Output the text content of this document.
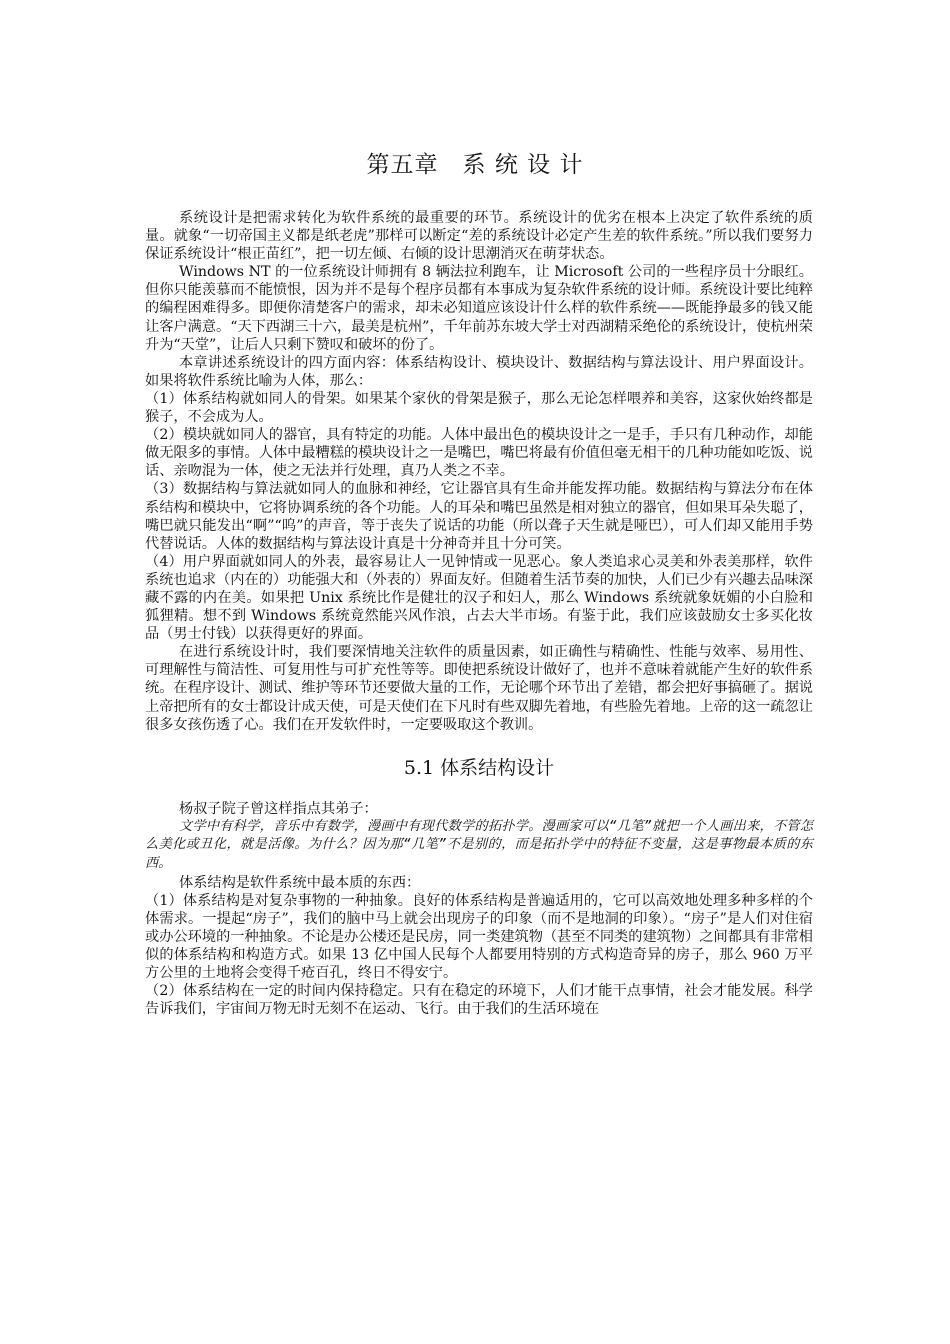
第五章　系 统 设 计

系统设计是把需求转化为软件系统的最重要的环节。系统设计的优劣在根本上决定了软件系统的质量。就象“一切帝国主义都是纸老虎”那样可以断定“差的系统设计必定产生差的软件系统。”所以我们要努力保证系统设计“根正苗红”，把一切左倾、右倾的设计思潮消灭在萌芽状态。

Windows NT 的一位系统设计师拥有 8 辆法拉利跑车，让 Microsoft 公司的一些程序员十分眼红。但你只能羡慕而不能愤恨，因为并不是每个程序员都有本事成为复杂软件系统的设计师。系统设计要比纯粹的编程困难得多。即便你清楚客户的需求，却未必知道应该设计什么样的软件系统——既能挣最多的钱又能让客户满意。“天下西湖三十六，最美是杭州”，千年前苏东坡大学士对西湖精采绝伦的系统设计，使杭州荣升为“天堂”，让后人只剩下赞叹和破坏的份了。

本章讲述系统设计的四方面内容：体系结构设计、模块设计、数据结构与算法设计、用户界面设计。如果将软件系统比喻为人体，那么：

（1）体系结构就如同人的骨架。如果某个家伙的骨架是猴子，那么无论怎样喂养和美容，这家伙始终都是猴子，不会成为人。

（2）模块就如同人的器官，具有特定的功能。人体中最出色的模块设计之一是手，手只有几种动作，却能做无限多的事情。人体中最糟糕的模块设计之一是嘴巴，嘴巴将最有价值但毫无相干的几种功能如吃饭、说话、亲吻混为一体，使之无法并行处理，真乃人类之不幸。

（3）数据结构与算法就如同人的血脉和神经，它让器官具有生命并能发挥功能。数据结构与算法分布在体系结构和模块中，它将协调系统的各个功能。人的耳朵和嘴巴虽然是相对独立的器官，但如果耳朵失聪了，嘴巴就只能发出“啊”“呜”的声音，等于丧失了说话的功能（所以聋子天生就是哑巴），可人们却又能用手势代替说话。人体的数据结构与算法设计真是十分神奇并且十分可笑。

（4）用户界面就如同人的外表，最容易让人一见钟情或一见恶心。象人类追求心灵美和外表美那样，软件系统也追求（内在的）功能强大和（外表的）界面友好。但随着生活节奏的加快，人们已少有兴趣去品味深藏不露的内在美。如果把 Unix 系统比作是健壮的汉子和妇人，那么 Windows 系统就象妩媚的小白脸和狐狸精。想不到 Windows 系统竟然能兴风作浪，占去大半市场。有鉴于此，我们应该鼓励女士多买化妆品（男士付钱）以获得更好的界面。

在进行系统设计时，我们要深情地关注软件的质量因素，如正确性与精确性、性能与效率、易用性、可理解性与简洁性、可复用性与可扩充性等等。即使把系统设计做好了，也并不意味着就能产生好的软件系统。在程序设计、测试、维护等环节还要做大量的工作，无论哪个环节出了差错，都会把好事搞砸了。据说上帝把所有的女士都设计成天使，可是天使们在下凡时有些双脚先着地，有些脸先着地。上帝的这一疏忽让很多女孩伤透了心。我们在开发软件时，一定要吸取这个教训。

5.1 体系结构设计

杨叔子院子曾这样指点其弟子：

文学中有科学，音乐中有数学，漫画中有现代数学的拓扑学。漫画家可以“几笔”就把一个人画出来，不管怎么美化或丑化，就是活像。为什么？因为那“几笔”不是别的，而是拓扑学中的特征不变量，这是事物最本质的东西。

体系结构是软件系统中最本质的东西：

（1）体系结构是对复杂事物的一种抽象。良好的体系结构是普遍适用的，它可以高效地处理多种多样的个体需求。一提起“房子”，我们的脑中马上就会出现房子的印象（而不是地洞的印象）。“房子”是人们对住宿或办公环境的一种抽象。不论是办公楼还是民房，同一类建筑物（甚至不同类的建筑物）之间都具有非常相似的体系结构和构造方式。如果 13 亿中国人民每个人都要用特别的方式构造奇异的房子，那么 960 万平方公里的土地将会变得千疮百孔，终日不得安宁。

（2）体系结构在一定的时间内保持稳定。只有在稳定的环境下，人们才能干点事情，社会才能发展。科学告诉我们，宇宙间万物无时无刻不在运动、飞行。由于我们的生活环境在
